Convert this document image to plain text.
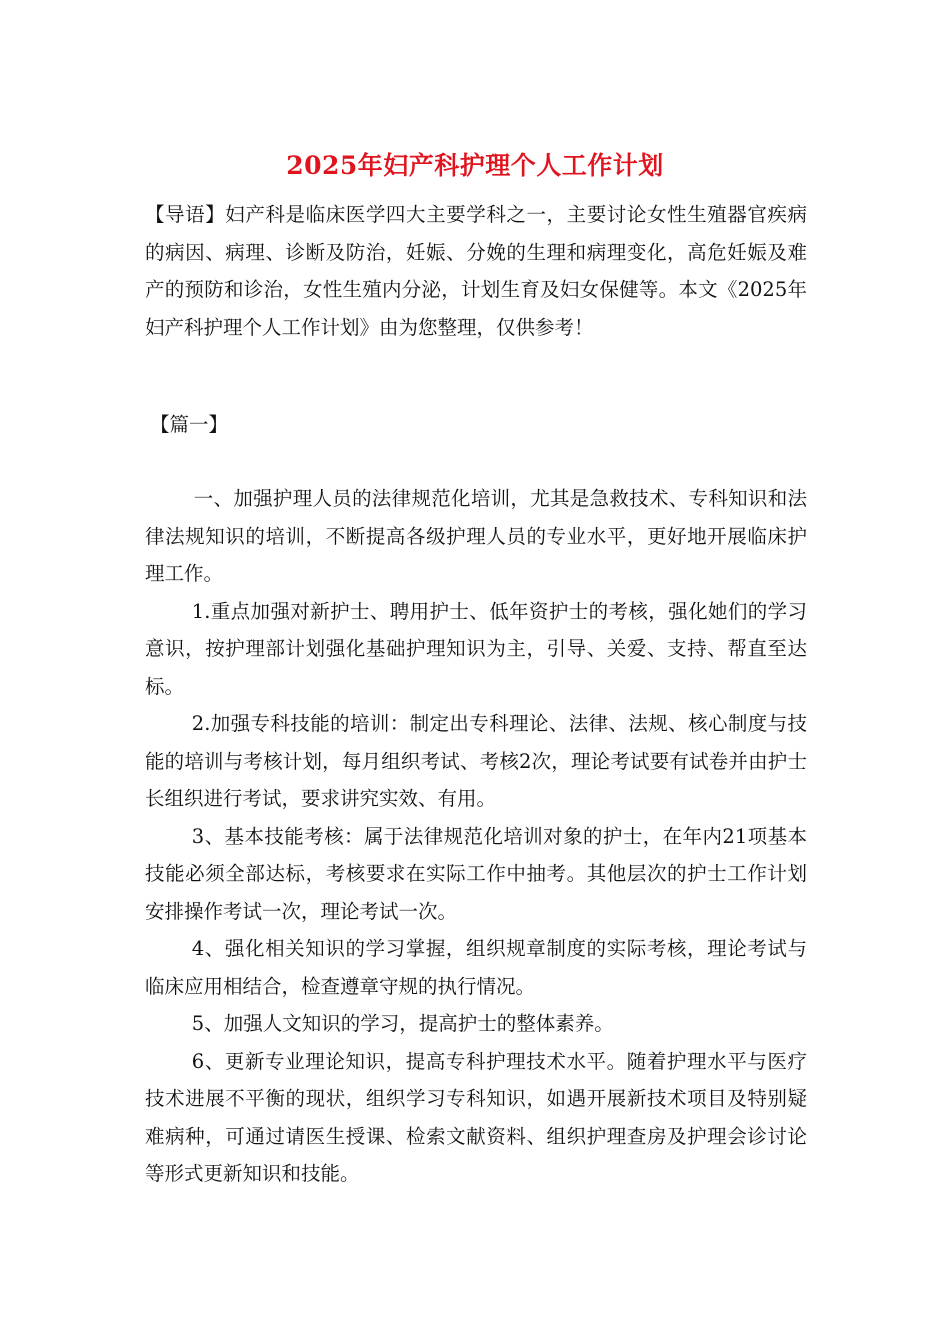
2025年妇产科护理个人工作计划

【导语】妇产科是临床医学四大主要学科之一，主要讨论女性生殖器官疾病的病因、病理、诊断及防治，妊娠、分娩的生理和病理变化，高危妊娠及难产的预防和诊治，女性生殖内分泌，计划生育及妇女保健等。本文《2025年妇产科护理个人工作计划》由为您整理，仅供参考！

【篇一】

一、加强护理人员的法律规范化培训，尤其是急救技术、专科知识和法律法规知识的培训，不断提高各级护理人员的专业水平，更好地开展临床护理工作。

1.重点加强对新护士、聘用护士、低年资护士的考核，强化她们的学习意识，按护理部计划强化基础护理知识为主，引导、关爱、支持、帮直至达标。

2.加强专科技能的培训：制定出专科理论、法律、法规、核心制度与技能的培训与考核计划，每月组织考试、考核2次，理论考试要有试卷并由护士长组织进行考试，要求讲究实效、有用。

3、基本技能考核：属于法律规范化培训对象的护士，在年内21项基本技能必须全部达标，考核要求在实际工作中抽考。其他层次的护士工作计划安排操作考试一次，理论考试一次。

4、强化相关知识的学习掌握，组织规章制度的实际考核，理论考试与临床应用相结合，检查遵章守规的执行情况。

5、加强人文知识的学习，提高护士的整体素养。

6、更新专业理论知识，提高专科护理技术水平。随着护理水平与医疗技术进展不平衡的现状，组织学习专科知识，如遇开展新技术项目及特别疑难病种，可通过请医生授课、检索文献资料、组织护理查房及护理会诊讨论等形式更新知识和技能。
